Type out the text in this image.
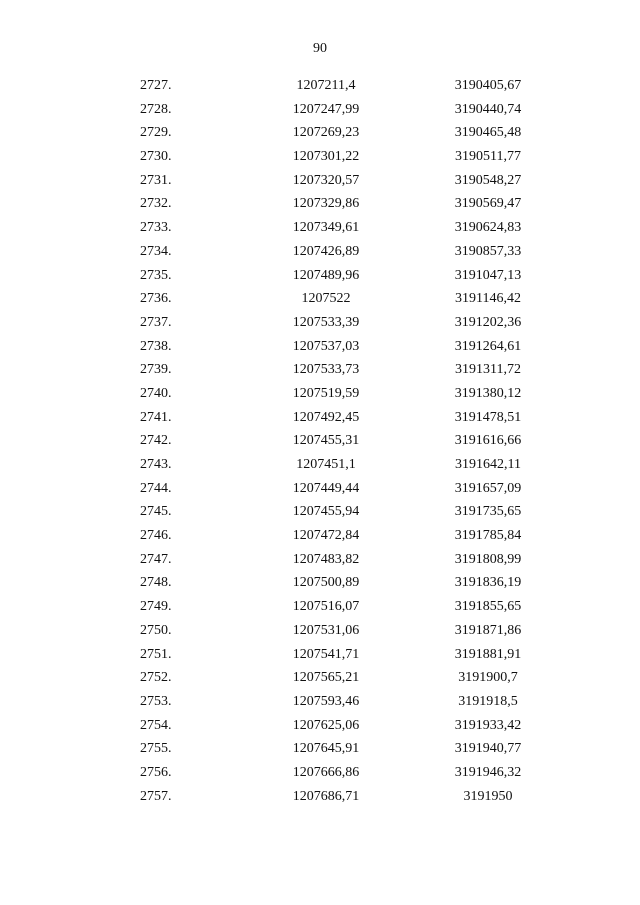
90
2727.	1207211,4	3190405,67
2728.	1207247,99	3190440,74
2729.	1207269,23	3190465,48
2730.	1207301,22	3190511,77
2731.	1207320,57	3190548,27
2732.	1207329,86	3190569,47
2733.	1207349,61	3190624,83
2734.	1207426,89	3190857,33
2735.	1207489,96	3191047,13
2736.	1207522	3191146,42
2737.	1207533,39	3191202,36
2738.	1207537,03	3191264,61
2739.	1207533,73	3191311,72
2740.	1207519,59	3191380,12
2741.	1207492,45	3191478,51
2742.	1207455,31	3191616,66
2743.	1207451,1	3191642,11
2744.	1207449,44	3191657,09
2745.	1207455,94	3191735,65
2746.	1207472,84	3191785,84
2747.	1207483,82	3191808,99
2748.	1207500,89	3191836,19
2749.	1207516,07	3191855,65
2750.	1207531,06	3191871,86
2751.	1207541,71	3191881,91
2752.	1207565,21	3191900,7
2753.	1207593,46	3191918,5
2754.	1207625,06	3191933,42
2755.	1207645,91	3191940,77
2756.	1207666,86	3191946,32
2757.	1207686,71	3191950
